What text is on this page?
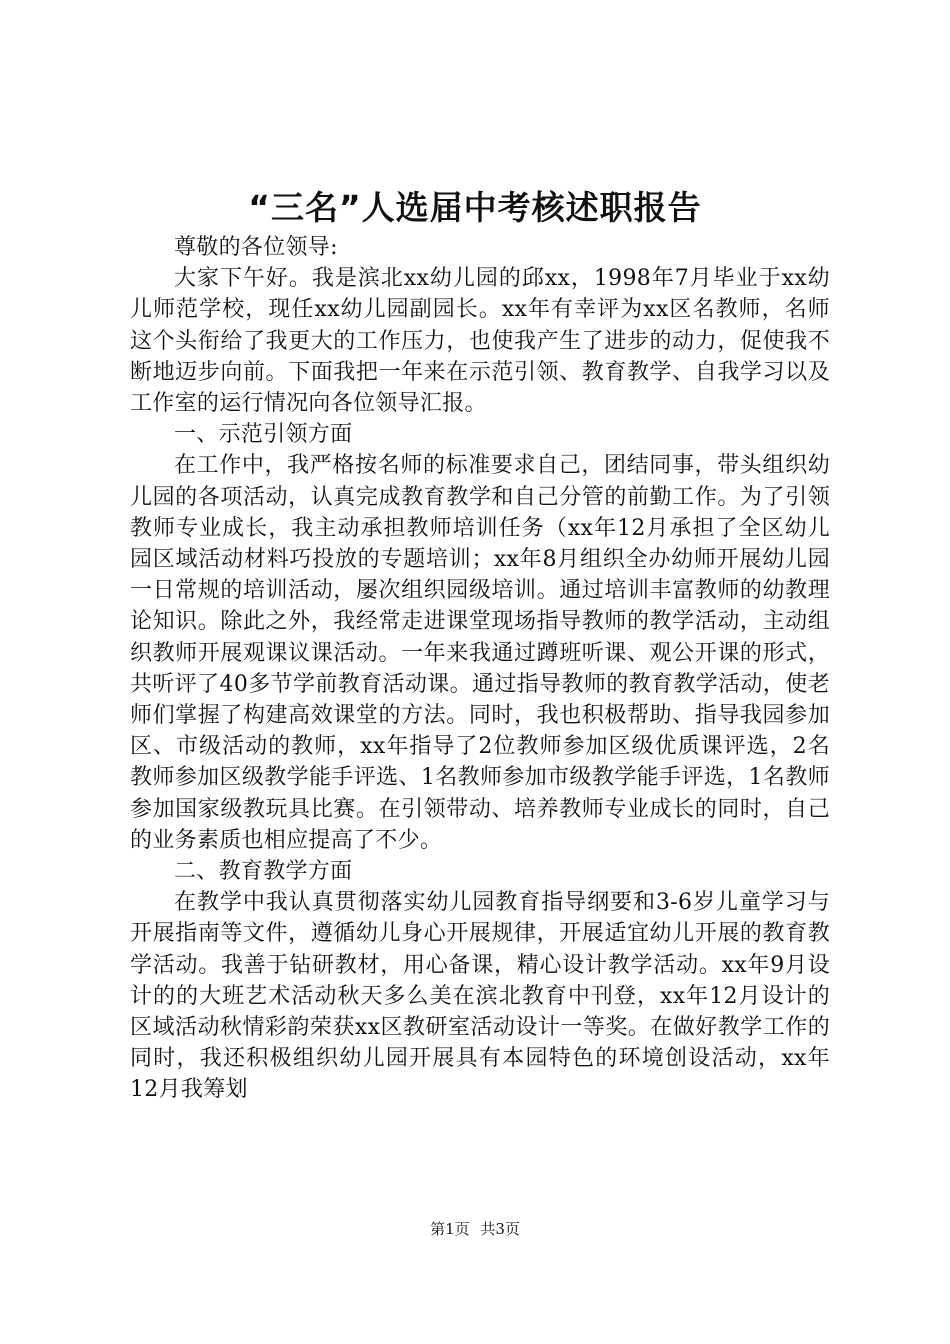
“三名”人选届中考核述职报告

尊敬的各位领导:

大家下午好。我是滨北xx幼儿园的邱xx，1998年7月毕业于xx幼儿师范学校，现任xx幼儿园副园长。xx年有幸评为xx区名教师，名师这个头衔给了我更大的工作压力，也使我产生了进步的动力，促使我不断地迈步向前。下面我把一年来在示范引领、教育教学、自我学习以及工作室的运行情况向各位领导汇报。

一、示范引领方面

在工作中，我严格按名师的标准要求自己，团结同事，带头组织幼儿园的各项活动，认真完成教育教学和自己分管的前勤工作。为了引领教师专业成长，我主动承担教师培训任务（xx年12月承担了全区幼儿园区域活动材料巧投放的专题培训；xx年8月组织全办幼师开展幼儿园一日常规的培训活动，屡次组织园级培训。通过培训丰富教师的幼教理论知识。除此之外，我经常走进课堂现场指导教师的教学活动，主动组织教师开展观课议课活动。一年来我通过蹲班听课、观公开课的形式，共听评了40多节学前教育活动课。通过指导教师的教育教学活动，使老师们掌握了构建高效课堂的方法。同时，我也积极帮助、指导我园参加区、市级活动的教师，xx年指导了2位教师参加区级优质课评选，2名教师参加区级教学能手评选、1名教师参加市级教学能手评选，1名教师参加国家级教玩具比赛。在引领带动、培养教师专业成长的同时，自己的业务素质也相应提高了不少。

二、教育教学方面

在教学中我认真贯彻落实幼儿园教育指导纲要和3-6岁儿童学习与开展指南等文件，遵循幼儿身心开展规律，开展适宜幼儿开展的教育教学活动。我善于钻研教材，用心备课，精心设计教学活动。xx年9月设计的的大班艺术活动秋天多么美在滨北教育中刊登，xx年12月设计的区域活动秋情彩韵荣获xx区教研室活动设计一等奖。在做好教学工作的同时，我还积极组织幼儿园开展具有本园特色的环境创设活动，xx年12月我筹划

第1页 共3页
